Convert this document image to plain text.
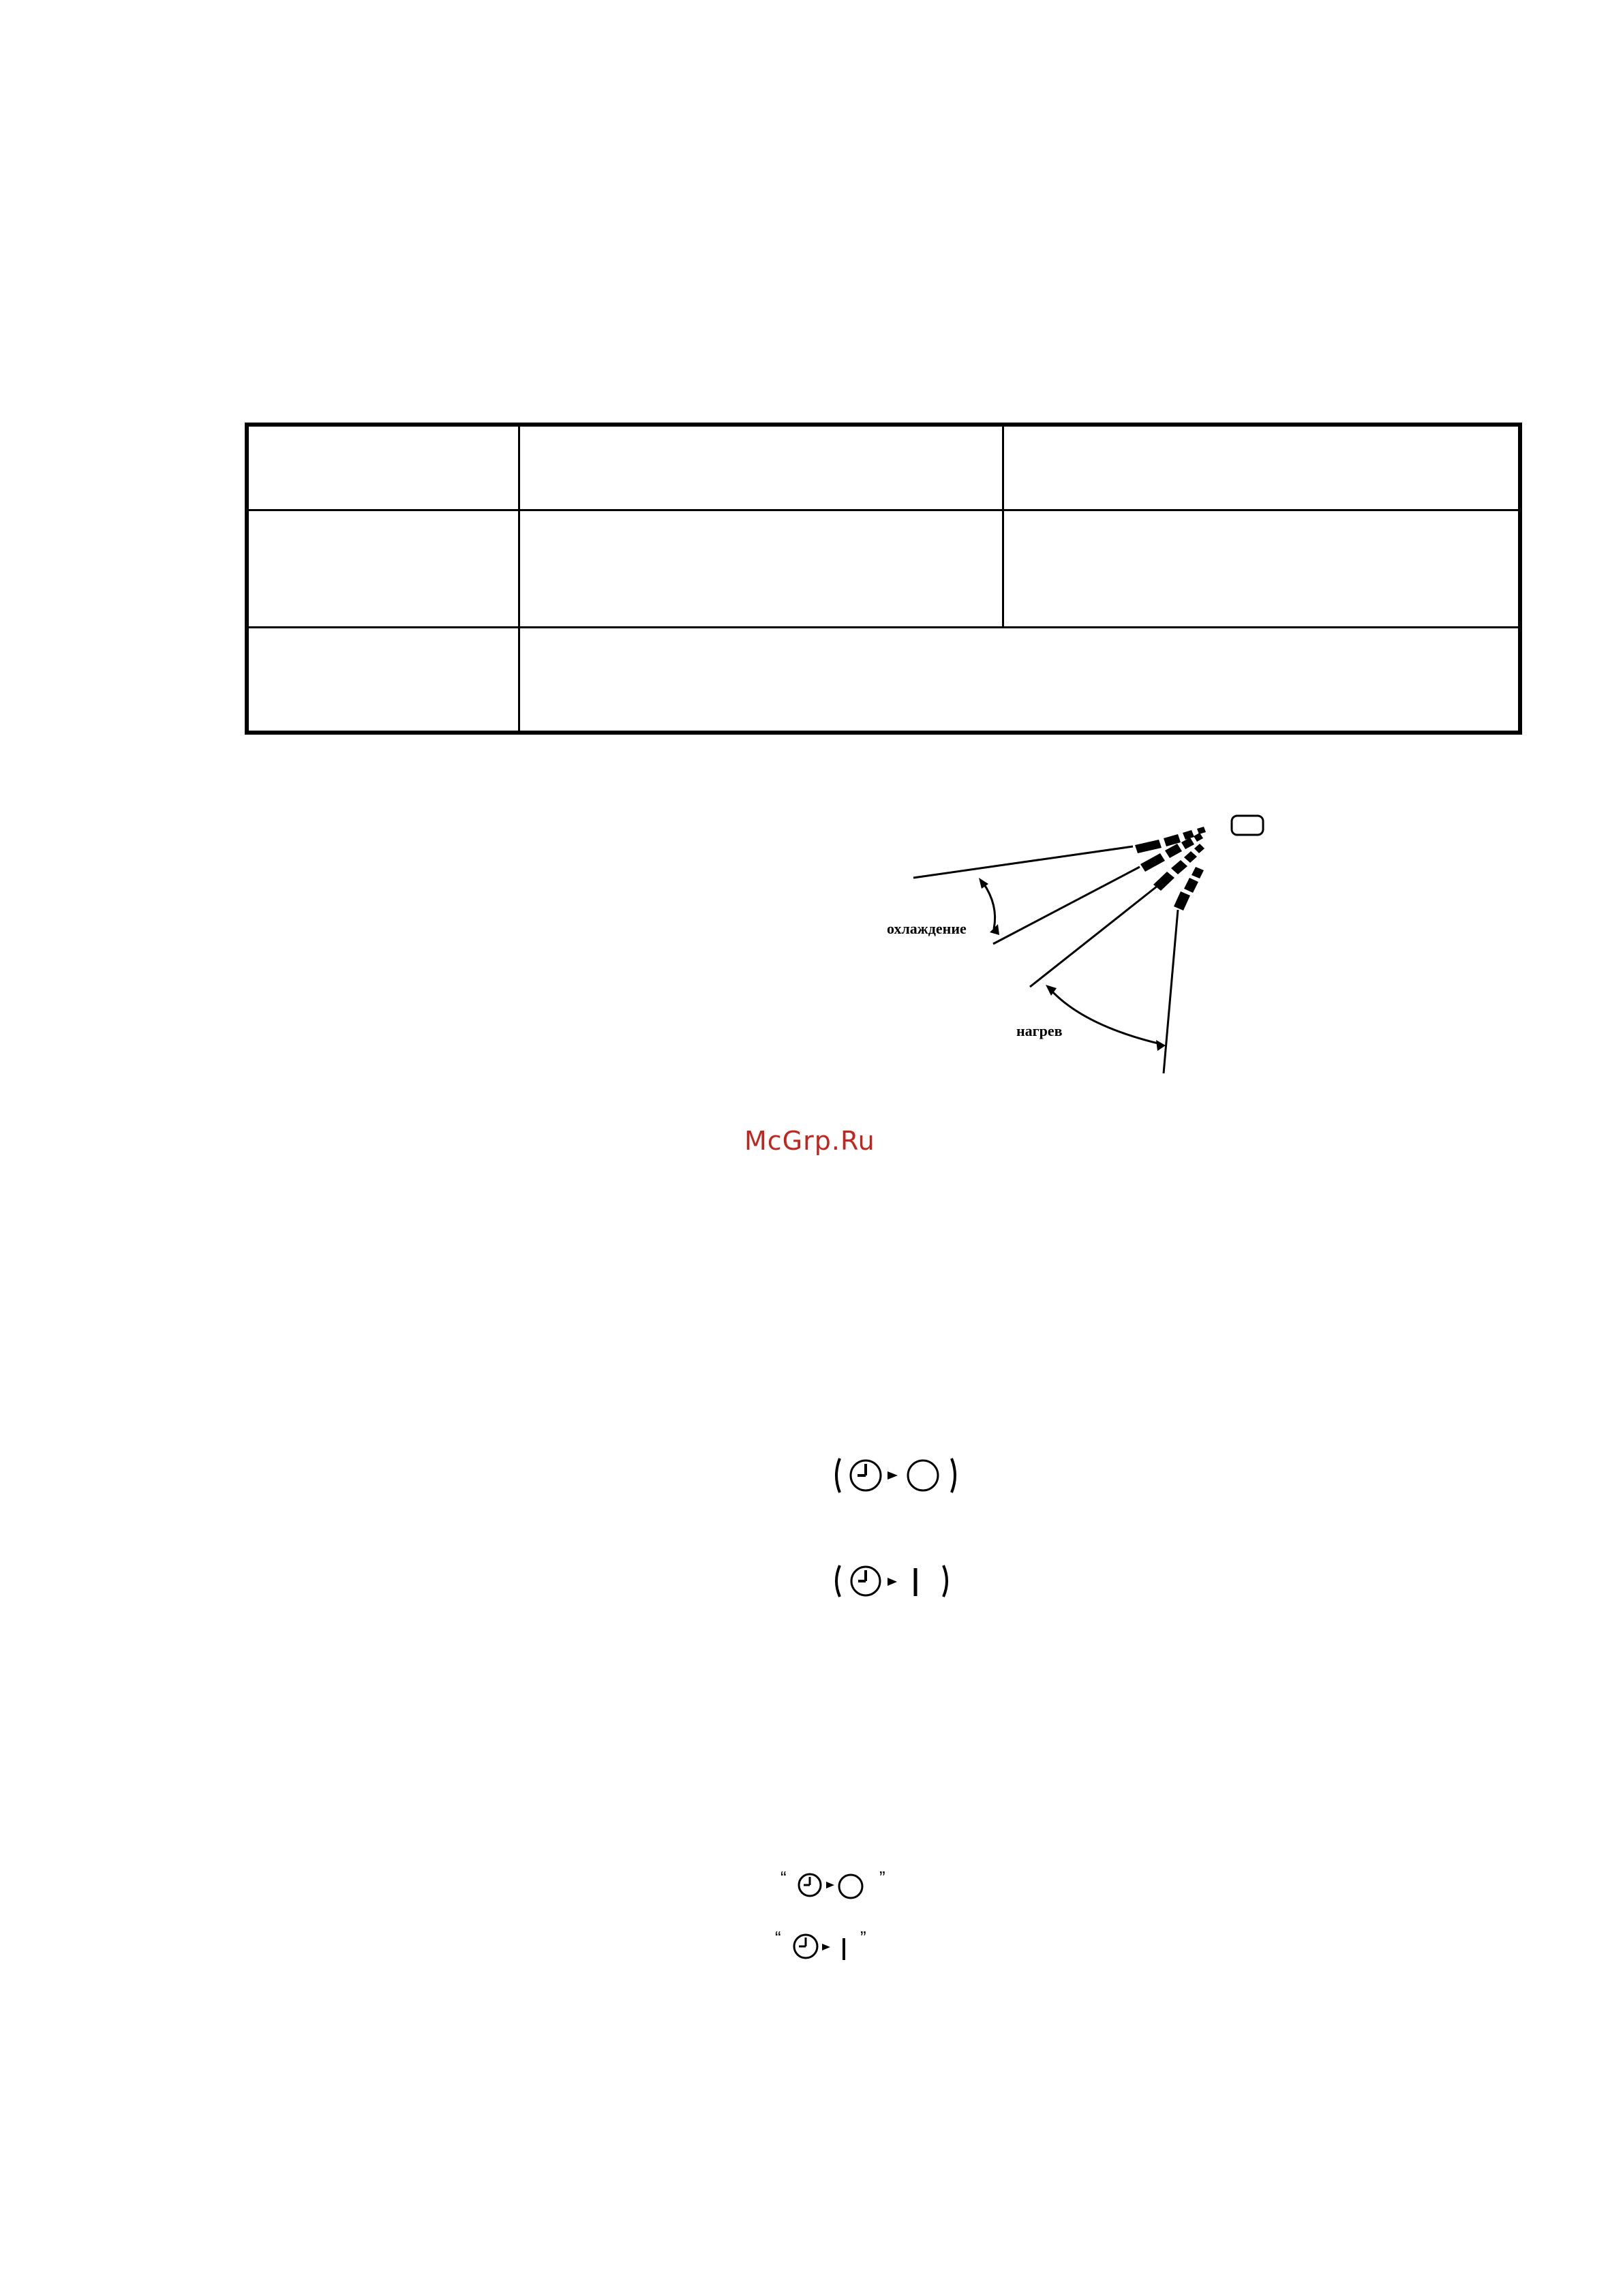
охлаждение
нагрев
McGrp.Ru
“	”
“	”
